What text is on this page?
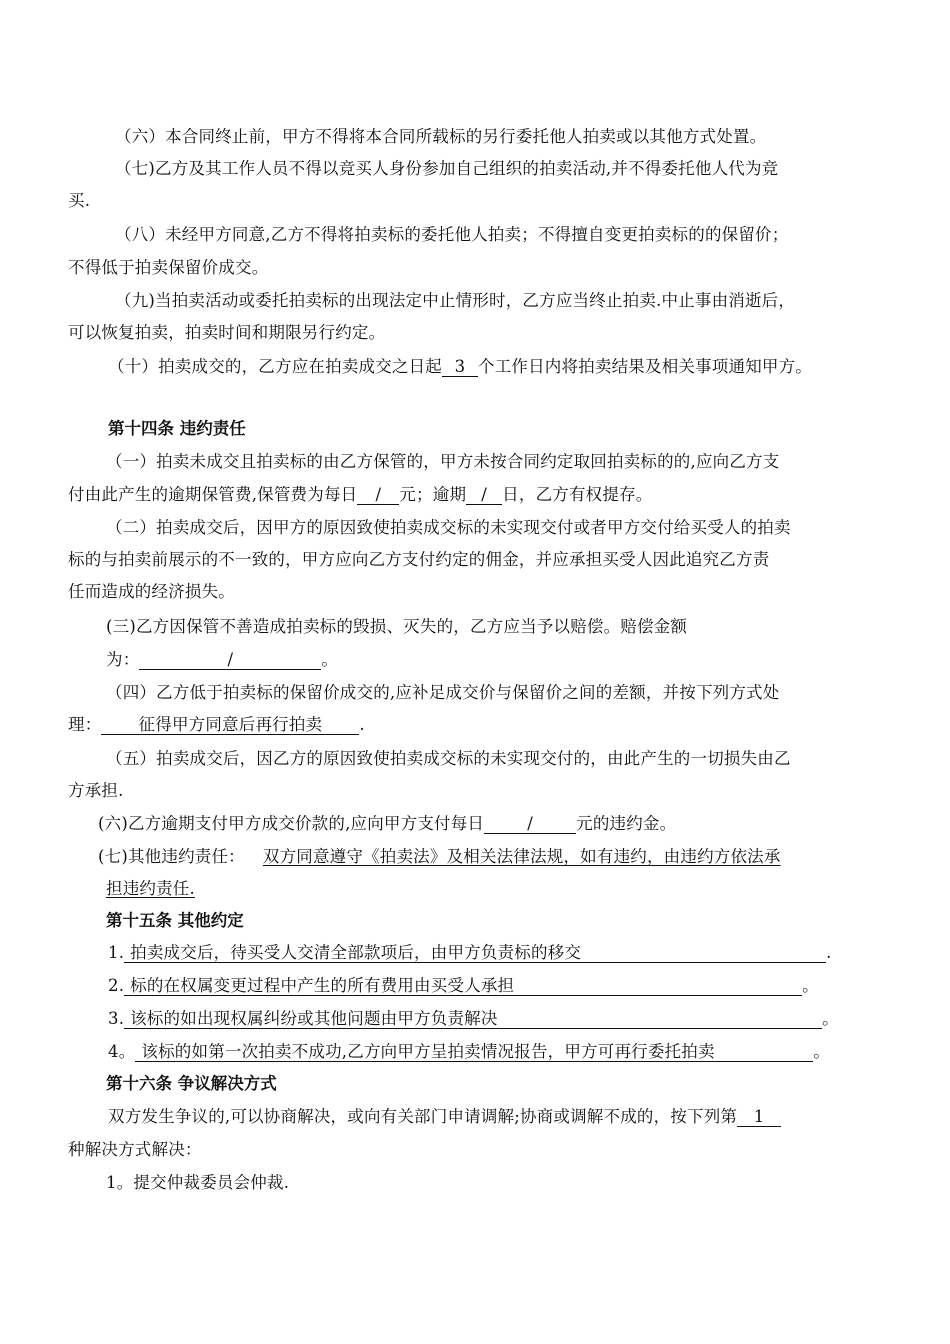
（六）本合同终止前，甲方不得将本合同所载标的另行委托他人拍卖或以其他方式处置。
（七)乙方及其工作人员不得以竞买人身份参加自己组织的拍卖活动,并不得委托他人代为竞
买.
（八）未经甲方同意,乙方不得将拍卖标的委托他人拍卖；不得擅自变更拍卖标的的保留价；
不得低于拍卖保留价成交。
（九)当拍卖活动或委托拍卖标的出现法定中止情形时，乙方应当终止拍卖.中止事由消逝后，
可以恢复拍卖，拍卖时间和期限另行约定。
（十）拍卖成交的，乙方应在拍卖成交之日起 3 个工作日内将拍卖结果及相关事项通知甲方。
第十四条 违约责任
（一）拍卖未成交且拍卖标的由乙方保管的，甲方未按合同约定取回拍卖标的的,应向乙方支
付由此产生的逾期保管费,保管费为每日 / 元；逾期 / 日，乙方有权提存。
（二）拍卖成交后，因甲方的原因致使拍卖成交标的未实现交付或者甲方交付给买受人的拍卖
标的与拍卖前展示的不一致的，甲方应向乙方支付约定的佣金，并应承担买受人因此追究乙方责
任而造成的经济损失。
(三)乙方因保管不善造成拍卖标的毁损、灭失的，乙方应当予以赔偿。赔偿金额
为：	/	。
（四）乙方低于拍卖标的保留价成交的,应补足成交价与保留价之间的差额，并按下列方式处
理： 征得甲方同意后再行拍卖 .
（五）拍卖成交后，因乙方的原因致使拍卖成交标的未实现交付的，由此产生的一切损失由乙
方承担.
(六)乙方逾期支付甲方成交价款的,应向甲方支付每日	/	元的违约金。
(七)其他违约责任： 双方同意遵守《拍卖法》及相关法律法规，如有违约，由违约方依法承
担违约责任.
第十五条 其他约定
1. 拍卖成交后，待买受人交清全部款项后，由甲方负责标的移交	.
2. 标的在权属变更过程中产生的所有费用由买受人承担	。
3. 该标的如出现权属纠纷或其他问题由甲方负责解决	。
4。 该标的如第一次拍卖不成功,乙方向甲方呈拍卖情况报告，甲方可再行委托拍卖	。
第十六条 争议解决方式
双方发生争议的,可以协商解决，或向有关部门申请调解;协商或调解不成的，按下列第 1
种解决方式解决：
1。提交仲裁委员会仲裁.
